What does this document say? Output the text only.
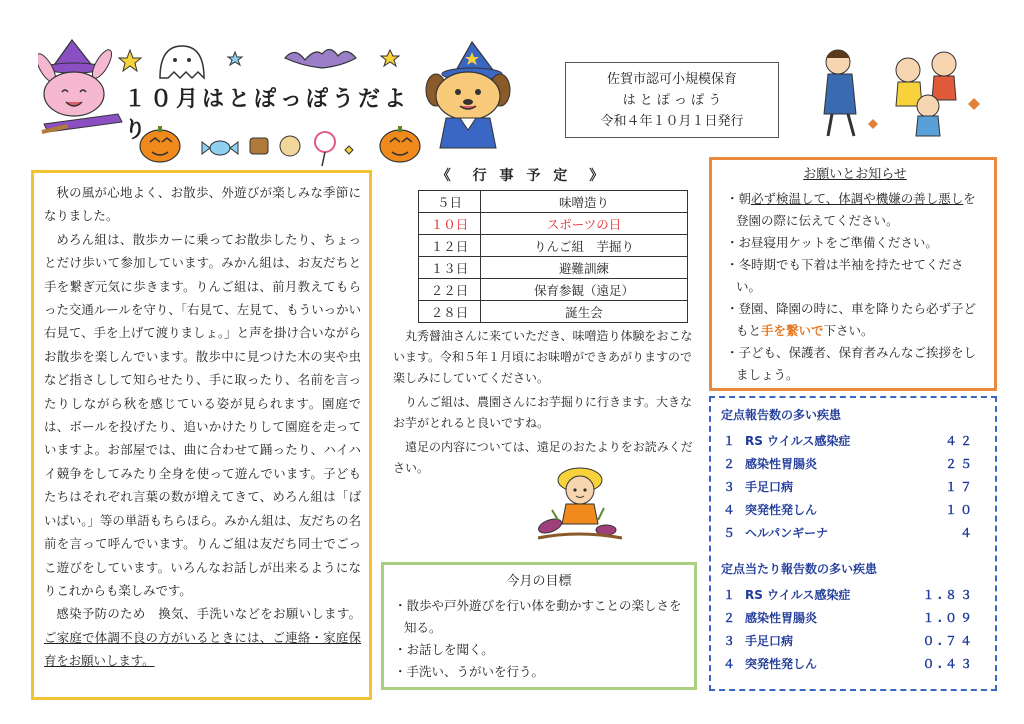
１０月はとぽっぽうだより
佐賀市認可小規模保育
は と ぽ っ ぽ う
令和４年１０月１日発行

秋の風が心地よく、お散歩、外遊びが楽しみな季節になりました。

めろん組は、散歩カーに乗ってお散歩したり、ちょっとだけ歩いて参加しています。みかん組は、お友だちと手を繋ぎ元気に歩きます。りんご組は、前月教えてもらった交通ルールを守り、「右見て、左見て、もういっかい右見て、手を上げて渡りましょ。」と声を掛け合いながらお散歩を楽しんでいます。散歩中に見つけた木の実や虫など指さしして知らせたり、手に取ったり、名前を言ったりしながら秋を感じている姿が見られます。園庭では、ボールを投げたり、追いかけたりして園庭を走っていますよ。お部屋では、曲に合わせて踊ったり、ハイハイ競争をしてみたり全身を使って遊んでいます。子どもたちはそれぞれ言葉の数が増えてきて、めろん組は「ばいばい。」等の単語もちらほら。みかん組は、友だちの名前を言って呼んでいます。りんご組は友だち同士でごっこ遊びをしています。いろんなお話しが出来るようになりこれからも楽しみです。

感染予防のため　換気、手洗いなどをお願いします。ご家庭で体調不良の方がいるときには、ご連絡・家庭保育をお願いします。

《　行 事 予 定　》
５日	味噌造り
１０日	スポーツの日
１２日	りんご組　芋掘り
１３日	避難訓練
２２日	保育参観（遠足）
２８日	誕生会

丸秀醤油さんに来ていただき、味噌造り体験をおこないます。令和５年１月頃にお味噌ができあがりますので楽しみにしていてください。

りんご組は、農園さんにお芋掘りに行きます。大きなお芋がとれると良いですね。

遠足の内容については、遠足のおたよりをお読みください。

今月の目標
・散歩や戸外遊びを行い体を動かすことの楽しさを知る。
・お話しを聞く。
・手洗い、うがいを行う。
お願いとお知らせ
・朝必ず検温して、体調や機嫌の善し悪しを登園の際に伝えてください。
・お昼寝用ケットをご準備ください。
・冬時期でも下着は半袖を持たせてください。
・登園、降園の時に、車を降りたら必ず子どもと手を繋いで下さい。
・子ども、保護者、保育者みんなご挨拶をしましょう。
定点報告数の多い疾患
１ RS ウイルス感染症	４２
２ 感染性胃腸炎	２５
３ 手足口病	１７
４ 突発性発しん	１０
５ ヘルパンギーナ	４
定点当たり報告数の多い疾患
１ RS ウイルス感染症	１.８３
２ 感染性胃腸炎	１.０９
３ 手足口病	０.７４
４ 突発性発しん	０.４３
